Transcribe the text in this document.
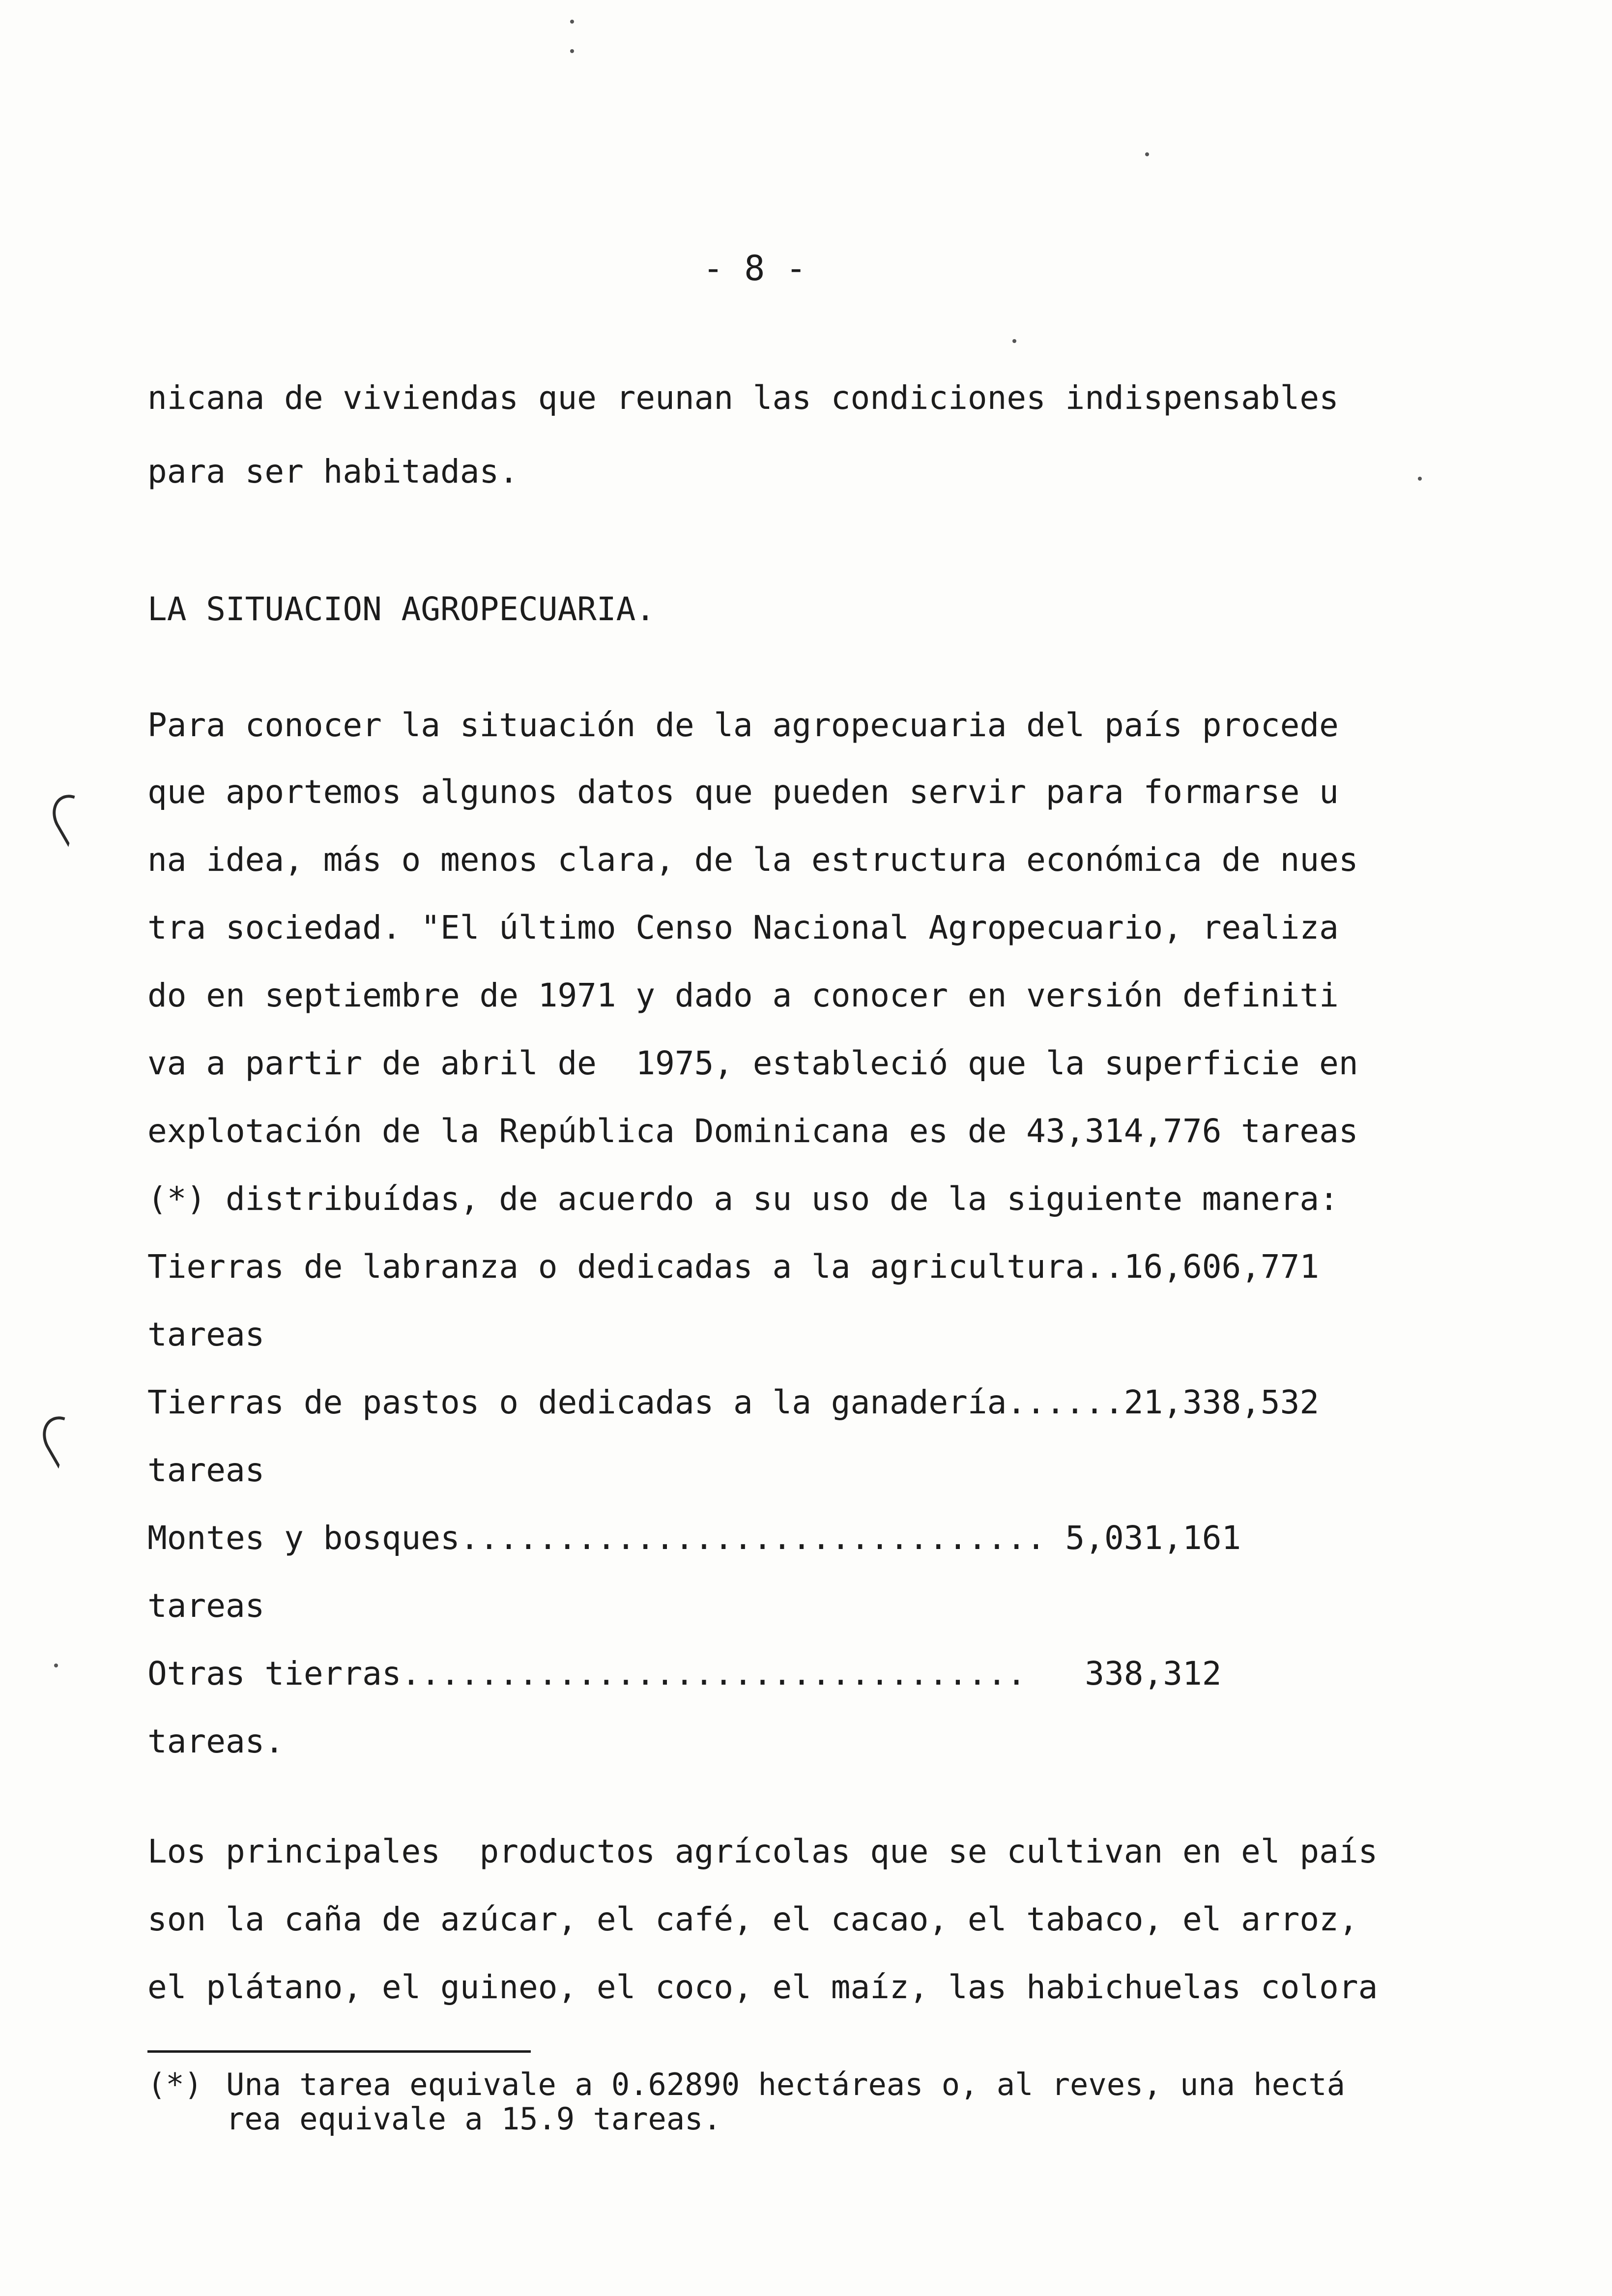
- 8 -
nicana de viviendas que reunan las condiciones indispensables
para ser habitadas.
LA SITUACION AGROPECUARIA.
Para conocer la situación de la agropecuaria del país procede
que aportemos algunos datos que pueden servir para formarse u
na idea, más o menos clara, de la estructura económica de nues
tra sociedad. "El último Censo Nacional Agropecuario, realiza
do en septiembre de 1971 y dado a conocer en versión definiti
va a partir de abril de  1975, estableció que la superficie en
explotación de la República Dominicana es de 43,314,776 tareas
(*) distribuídas, de acuerdo a su uso de la siguiente manera:
Tierras de labranza o dedicadas a la agricultura..16,606,771
tareas
Tierras de pastos o dedicadas a la ganadería......21,338,532
tareas
Montes y bosques.............................. 5,031,161
tareas
Otras tierras................................   338,312
tareas.
Los principales  productos agrícolas que se cultivan en el país
son la caña de azúcar, el café, el cacao, el tabaco, el arroz,
el plátano, el guineo, el coco, el maíz, las habichuelas colora
(*) Una tarea equivale a 0.62890 hectáreas o, al reves, una hectá
rea equivale a 15.9 tareas.
